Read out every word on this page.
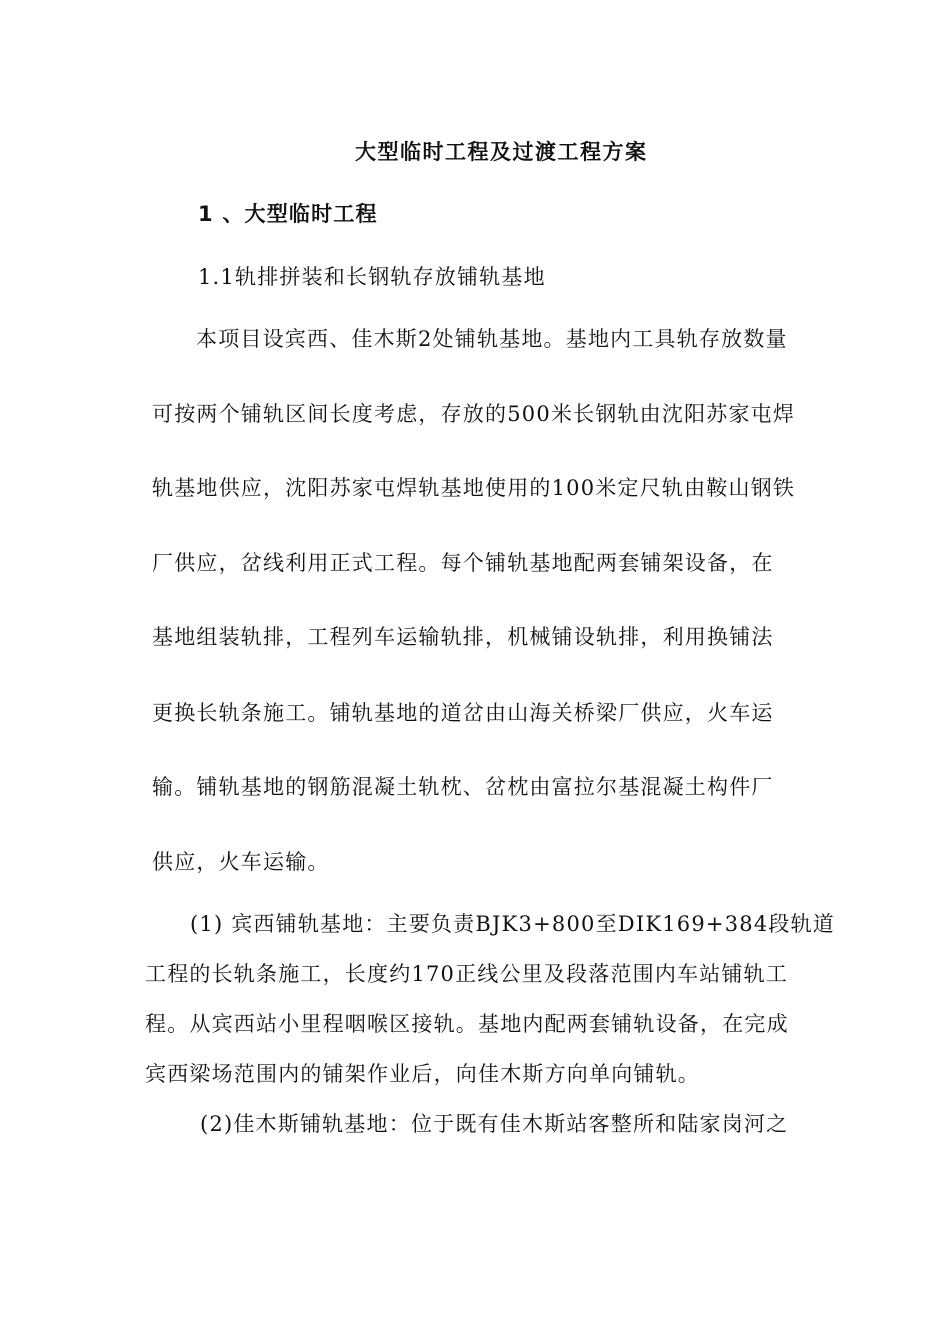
大型临时工程及过渡工程方案
1 、大型临时工程
1.1轨排拼装和长钢轨存放铺轨基地
本项目设宾西、佳木斯2处铺轨基地。基地内工具轨存放数量
可按两个铺轨区间长度考虑，存放的500米长钢轨由沈阳苏家屯焊
轨基地供应，沈阳苏家屯焊轨基地使用的100米定尺轨由鞍山钢铁
厂供应，岔线利用正式工程。每个铺轨基地配两套铺架设备，在
基地组装轨排，工程列车运输轨排，机械铺设轨排，利用换铺法
更换长轨条施工。铺轨基地的道岔由山海关桥梁厂供应，火车运
输。铺轨基地的钢筋混凝土轨枕、岔枕由富拉尔基混凝土构件厂
供应，火车运输。
(1) 宾西铺轨基地：主要负责BJK3+800至DIK169+384段轨道
工程的长轨条施工，长度约170正线公里及段落范围内车站铺轨工
程。从宾西站小里程咽喉区接轨。基地内配两套铺轨设备，在完成
宾西梁场范围内的铺架作业后，向佳木斯方向单向铺轨。
(2)佳木斯铺轨基地：位于既有佳木斯站客整所和陆家岗河之
